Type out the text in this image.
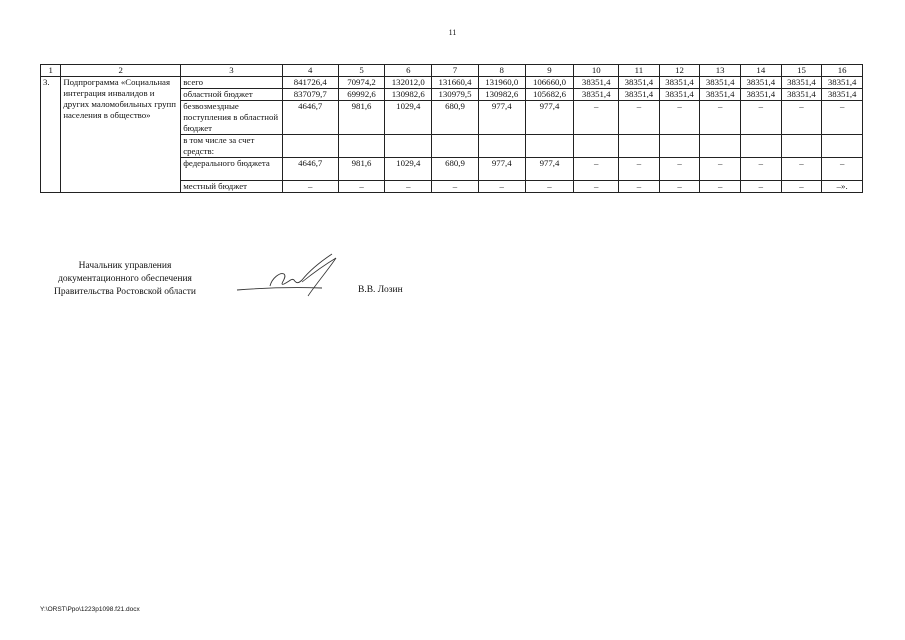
11
1	2	3	4	5	6	7	8	9	10	11	12	13	14	15	16
3.	Подпрограмма «Социальная интеграция инвалидов и других маломобильных групп населения в общество»	всего	841726,4	70974,2	132012,0	131660,4	131960,0	106660,0	38351,4	38351,4	38351,4	38351,4	38351,4	38351,4	38351,4
		областной бюджет	837079,7	69992,6	130982,6	130979,5	130982,6	105682,6	38351,4	38351,4	38351,4	38351,4	38351,4	38351,4	38351,4
		безвозмездные поступления в областной бюджет	4646,7	981,6	1029,4	680,9	977,4	977,4	–	–	–	–	–	–	–
		в том числе за счет средств:													
		федерального бюджета	4646,7	981,6	1029,4	680,9	977,4	977,4	–	–	–	–	–	–	–
		местный бюджет	–	–	–	–	–	–	–	–	–	–	–	–	–».
Начальник управления
документационного обеспечения
Правительства Ростовской области	В.В. Лозин
Y:\ORST\Ppo\1223p1098.f21.docx
